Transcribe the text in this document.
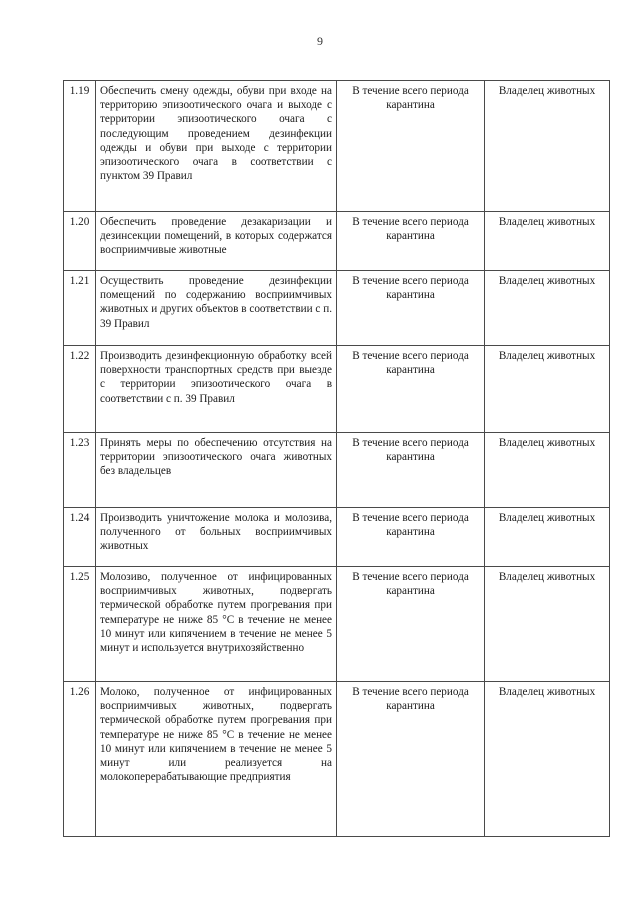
9
1.19	Обеспечить смену одежды, обуви при входе на территорию эпизоотического очага и выходе с территории эпизоотического очага с последующим проведением дезинфекции одежды и обуви при выходе с территории эпизоотического очага в соответствии с пунктом 39 Правил	В течение всего периода карантина	Владелец животных
1.20	Обеспечить проведение дезакаризации и дезинсекции помещений, в которых содержатся восприимчивые животные	В течение всего периода карантина	Владелец животных
1.21	Осуществить проведение дезинфекции помещений по содержанию восприимчивых животных и других объектов в соответствии с п. 39 Правил	В течение всего периода карантина	Владелец животных
1.22	Производить дезинфекционную обработку всей поверхности транспортных средств при выезде с территории эпизоотического очага в соответствии с п. 39 Правил	В течение всего периода карантина	Владелец животных
1.23	Принять меры по обеспечению отсутствия на территории эпизоотического очага животных без владельцев	В течение всего периода карантина	Владелец животных
1.24	Производить уничтожение молока и молозива, полученного от больных восприимчивых животных	В течение всего периода карантина	Владелец животных
1.25	Молозиво, полученное от инфицированных восприимчивых животных, подвергать термической обработке путем прогревания при температуре не ниже 85 °С в течение не менее 10 минут или кипячением в течение не менее 5 минут и используется внутрихозяйственно	В течение всего периода карантина	Владелец животных
1.26	Молоко, полученное от инфицированных восприимчивых животных, подвергать термической обработке путем прогревания при температуре не ниже 85 °С в течение не менее 10 минут или кипячением в течение не менее 5 минут или реализуется на молокоперерабатывающие предприятия	В течение всего периода карантина	Владелец животных
